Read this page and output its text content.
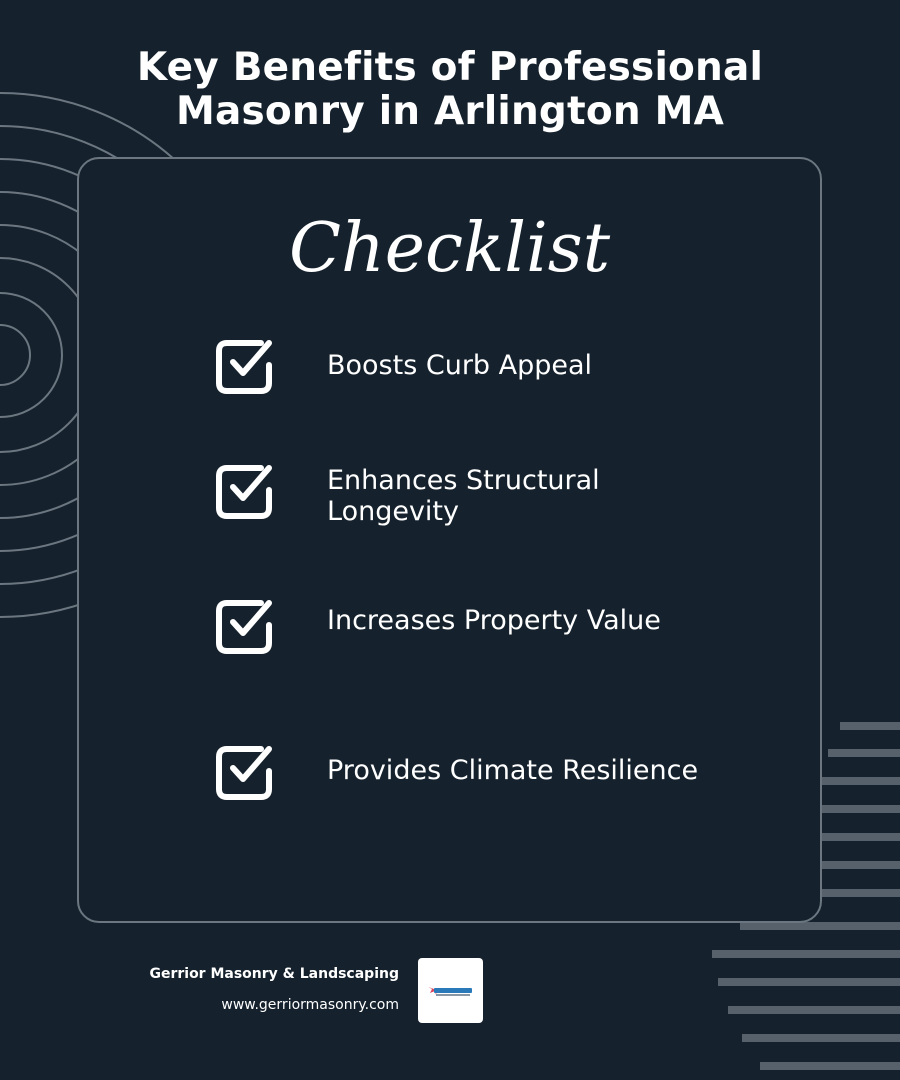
Key Benefits of Professional
Masonry in Arlington MA
Checklist
Boosts Curb Appeal
Enhances Structural
Longevity
Increases Property Value
Provides Climate Resilience
Gerrior Masonry & Landscaping
www.gerriormasonry.com
